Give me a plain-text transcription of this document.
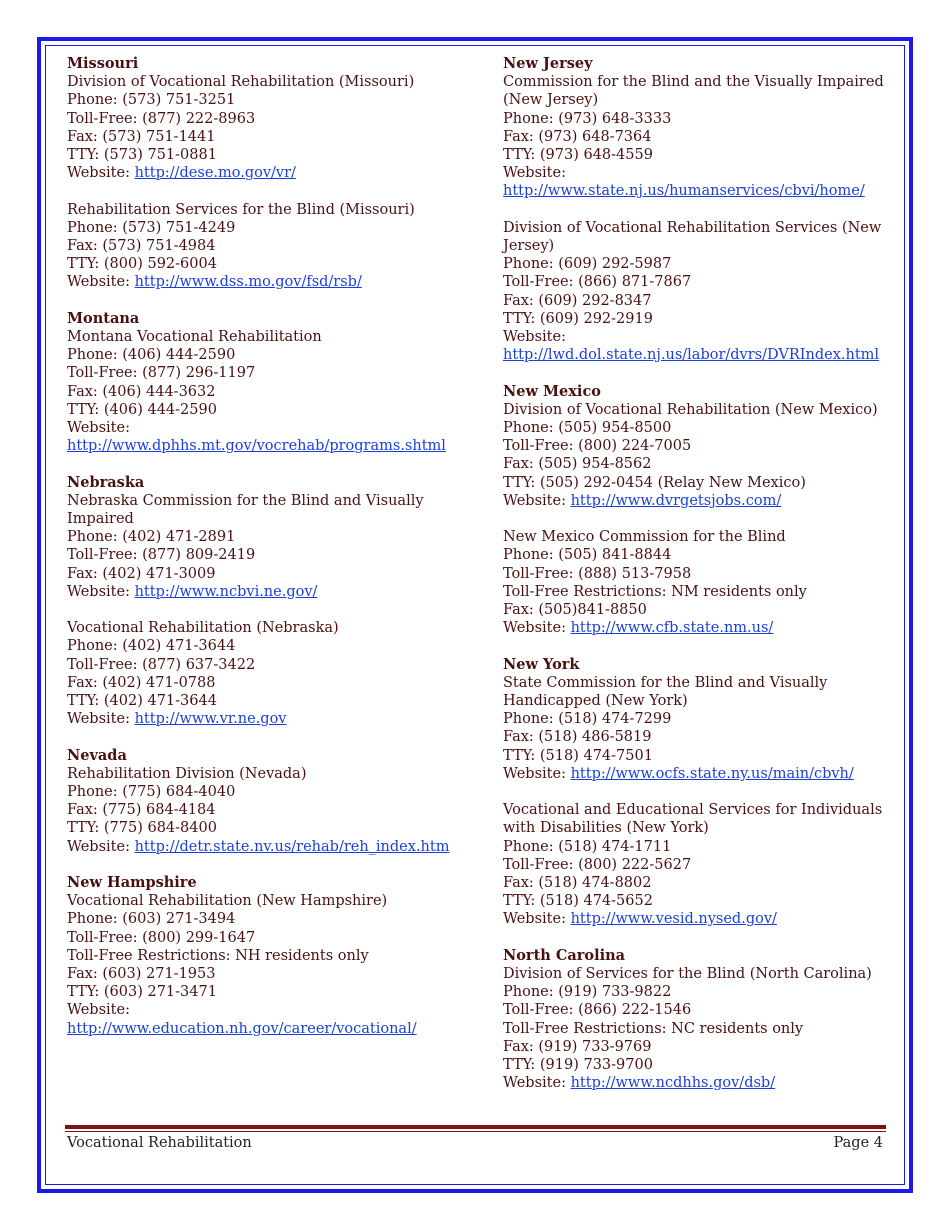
Missouri

Division of Vocational Rehabilitation (Missouri)

Phone: (573) 751-3251

Toll-Free: (877) 222-8963

Fax: (573) 751-1441

TTY: (573) 751-0881

Website: http://dese.mo.gov/vr/

Rehabilitation Services for the Blind (Missouri)

Phone: (573) 751-4249

Fax: (573) 751-4984

TTY: (800) 592-6004

Website: http://www.dss.mo.gov/fsd/rsb/

Montana

Montana Vocational Rehabilitation

Phone: (406) 444-2590

Toll-Free: (877) 296-1197

Fax: (406) 444-3632

TTY: (406) 444-2590

Website:

http://www.dphhs.mt.gov/vocrehab/programs.shtml

Nebraska

Nebraska Commission for the Blind and Visually Impaired

Phone: (402) 471-2891

Toll-Free: (877) 809-2419

Fax: (402) 471-3009

Website: http://www.ncbvi.ne.gov/

Vocational Rehabilitation (Nebraska)

Phone: (402) 471-3644

Toll-Free: (877) 637-3422

Fax: (402) 471-0788

TTY: (402) 471-3644

Website: http://www.vr.ne.gov

Nevada

Rehabilitation Division (Nevada)

Phone: (775) 684-4040

Fax: (775) 684-4184

TTY: (775) 684-8400

Website: http://detr.state.nv.us/rehab/reh_index.htm

New Hampshire

Vocational Rehabilitation (New Hampshire)

Phone: (603) 271-3494

Toll-Free: (800) 299-1647

Toll-Free Restrictions: NH residents only

Fax: (603) 271-1953

TTY: (603) 271-3471

Website:

http://www.education.nh.gov/career/vocational/

New Jersey

Commission for the Blind and the Visually Impaired (New Jersey)

Phone: (973) 648-3333

Fax: (973) 648-7364

TTY: (973) 648-4559

Website:

http://www.state.nj.us/humanservices/cbvi/home/

Division of Vocational Rehabilitation Services (New Jersey)

Phone: (609) 292-5987

Toll-Free: (866) 871-7867

Fax: (609) 292-8347

TTY: (609) 292-2919

Website:

http://lwd.dol.state.nj.us/labor/dvrs/DVRIndex.html

New Mexico

Division of Vocational Rehabilitation (New Mexico)

Phone: (505) 954-8500

Toll-Free: (800) 224-7005

Fax: (505) 954-8562

TTY: (505) 292-0454 (Relay New Mexico)

Website: http://www.dvrgetsjobs.com/

New Mexico Commission for the Blind

Phone: (505) 841-8844

Toll-Free: (888) 513-7958

Toll-Free Restrictions: NM residents only

Fax: (505)841-8850

Website: http://www.cfb.state.nm.us/

New York

State Commission for the Blind and Visually Handicapped (New York)

Phone: (518) 474-7299

Fax: (518) 486-5819

TTY: (518) 474-7501

Website: http://www.ocfs.state.ny.us/main/cbvh/

Vocational and Educational Services for Individuals with Disabilities (New York)

Phone: (518) 474-1711

Toll-Free: (800) 222-5627

Fax: (518) 474-8802

TTY: (518) 474-5652

Website: http://www.vesid.nysed.gov/

North Carolina

Division of Services for the Blind (North Carolina)

Phone: (919) 733-9822

Toll-Free: (866) 222-1546

Toll-Free Restrictions: NC residents only

Fax: (919) 733-9769

TTY: (919) 733-9700

Website: http://www.ncdhhs.gov/dsb/

Vocational Rehabilitation	Page 4
